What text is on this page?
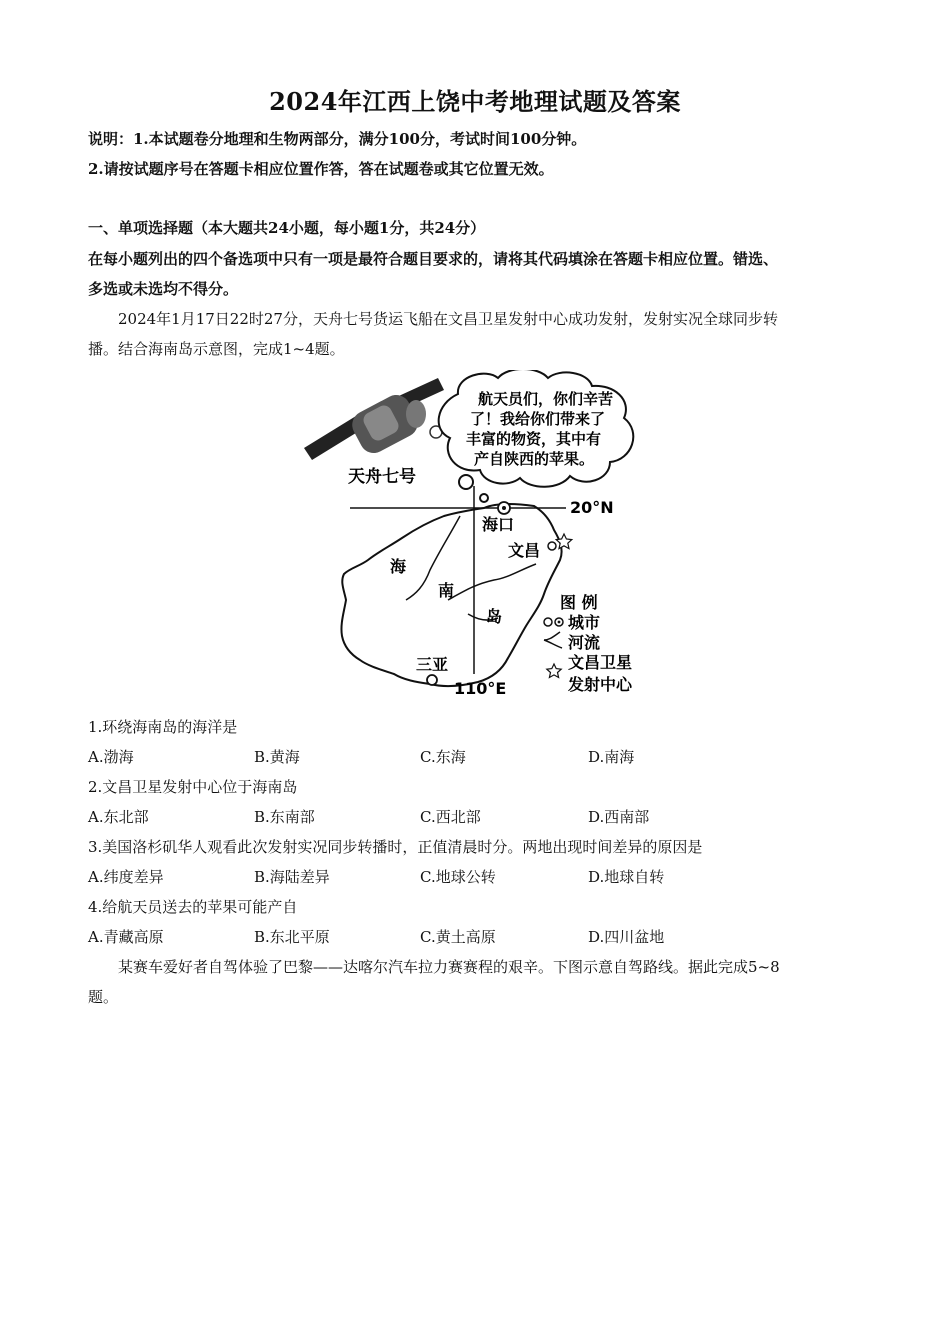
2024年江西上饶中考地理试题及答案
说明：1.本试题卷分地理和生物两部分，满分100分，考试时间100分钟。
2.请按试题序号在答题卡相应位置作答，答在试题卷或其它位置无效。
一、单项选择题（本大题共24小题，每小题1分，共24分）
在每小题列出的四个备选项中只有一项是最符合题目要求的，请将其代码填涂在答题卡相应位置。错选、
多选或未选均不得分。
2024年1月17日22时27分，天舟七号货运飞船在文昌卫星发射中心成功发射，发射实况全球同步转
播。结合海南岛示意图，完成1~4题。
天舟七号
航天员们，你们辛苦
了！我给你们带来了
丰富的物资，其中有
产自陕西的苹果。
20°N
110°E
海口
文昌
三亚
海
南
岛
图 例
城市
河流
文昌卫星
发射中心
1.环绕海南岛的海洋是
A.渤海	B.黄海	C.东海	D.南海
2.文昌卫星发射中心位于海南岛
A.东北部	B.东南部	C.西北部	D.西南部
3.美国洛杉矶华人观看此次发射实况同步转播时，正值清晨时分。两地出现时间差异的原因是
A.纬度差异	B.海陆差异	C.地球公转	D.地球自转
4.给航天员送去的苹果可能产自
A.青藏高原	B.东北平原	C.黄土高原	D.四川盆地
某赛车爱好者自驾体验了巴黎——达喀尔汽车拉力赛赛程的艰辛。下图示意自驾路线。据此完成5~8
题。
